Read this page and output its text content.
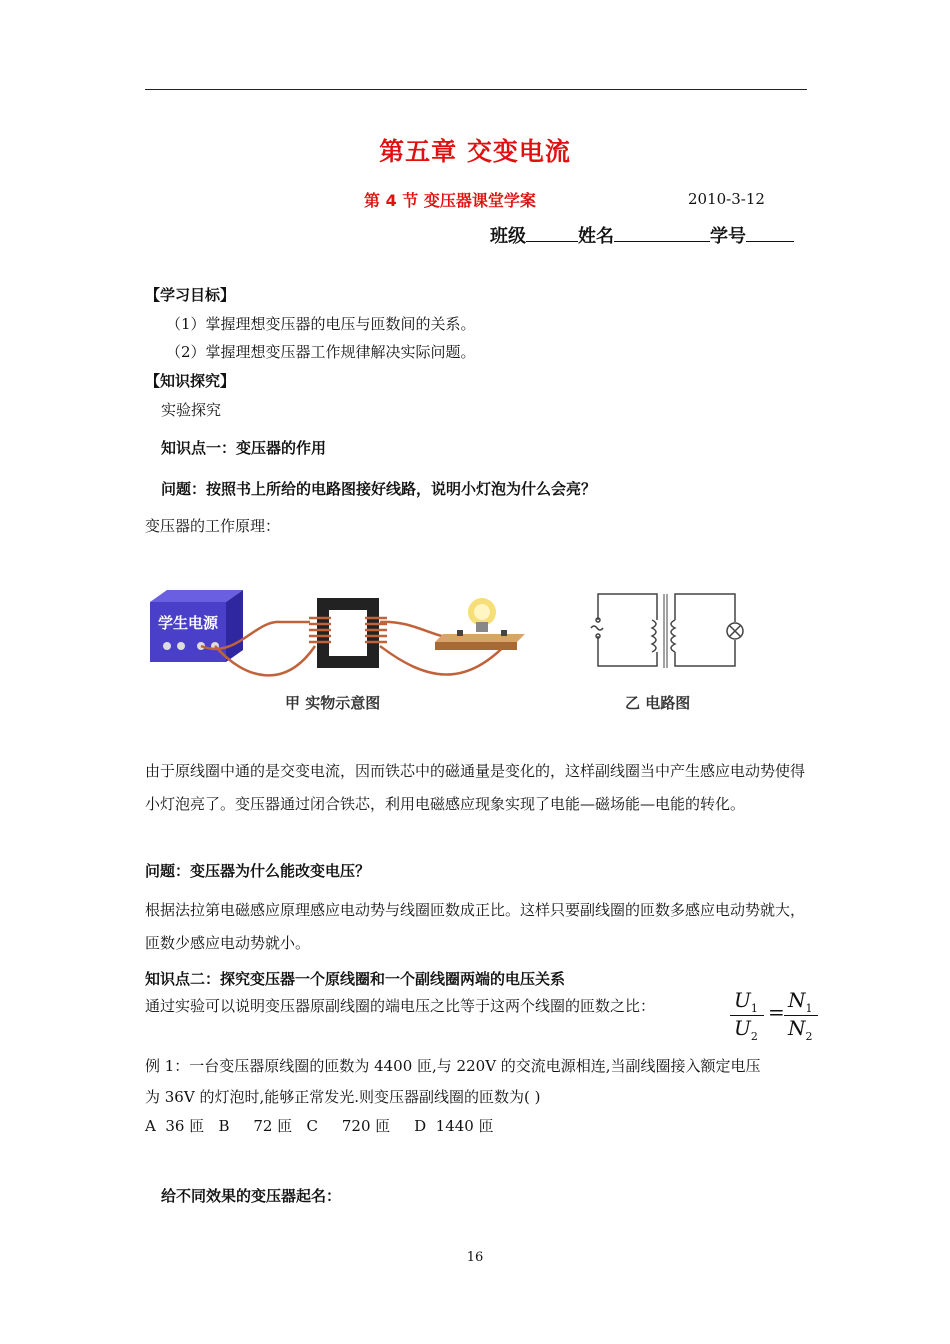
第五章 交变电流
第 4 节 变压器课堂学案	2010-3-12
班级	姓名	学号
【学习目标】
（1）掌握理想变压器的电压与匝数间的关系。
（2）掌握理想变压器工作规律解决实际问题。
【知识探究】
实验探究
知识点一：变压器的作用
问题：按照书上所给的电路图接好线路，说明小灯泡为什么会亮？
变压器的工作原理：
学生电源
甲 实物示意图	乙 电路图
由于原线圈中通的是交变电流，因而铁芯中的磁通量是变化的，这样副线圈当中产生感应电动势使得小灯泡亮了。变压器通过闭合铁芯，利用电磁感应现象实现了电能—磁场能—电能的转化。
问题：变压器为什么能改变电压？
根据法拉第电磁感应原理感应电动势与线圈匝数成正比。这样只要副线圈的匝数多感应电动势就大，匝数少感应电动势就小。
知识点二：探究变压器一个原线圈和一个副线圈两端的电压关系
通过实验可以说明变压器原副线圈的端电压之比等于这两个线圈的匝数之比：	$U_1$
$U_2$
= $N_1$
$N_2$
例 1：一台变压器原线圈的匝数为 4400 匝,与 220V 的交流电源相连,当副线圈接入额定电压
为 36V 的灯泡时,能够正常发光.则变压器副线圈的匝数为( )
A  36 匝   B     72 匝   C     720 匝     D  1440 匝
给不同效果的变压器起名：
16
